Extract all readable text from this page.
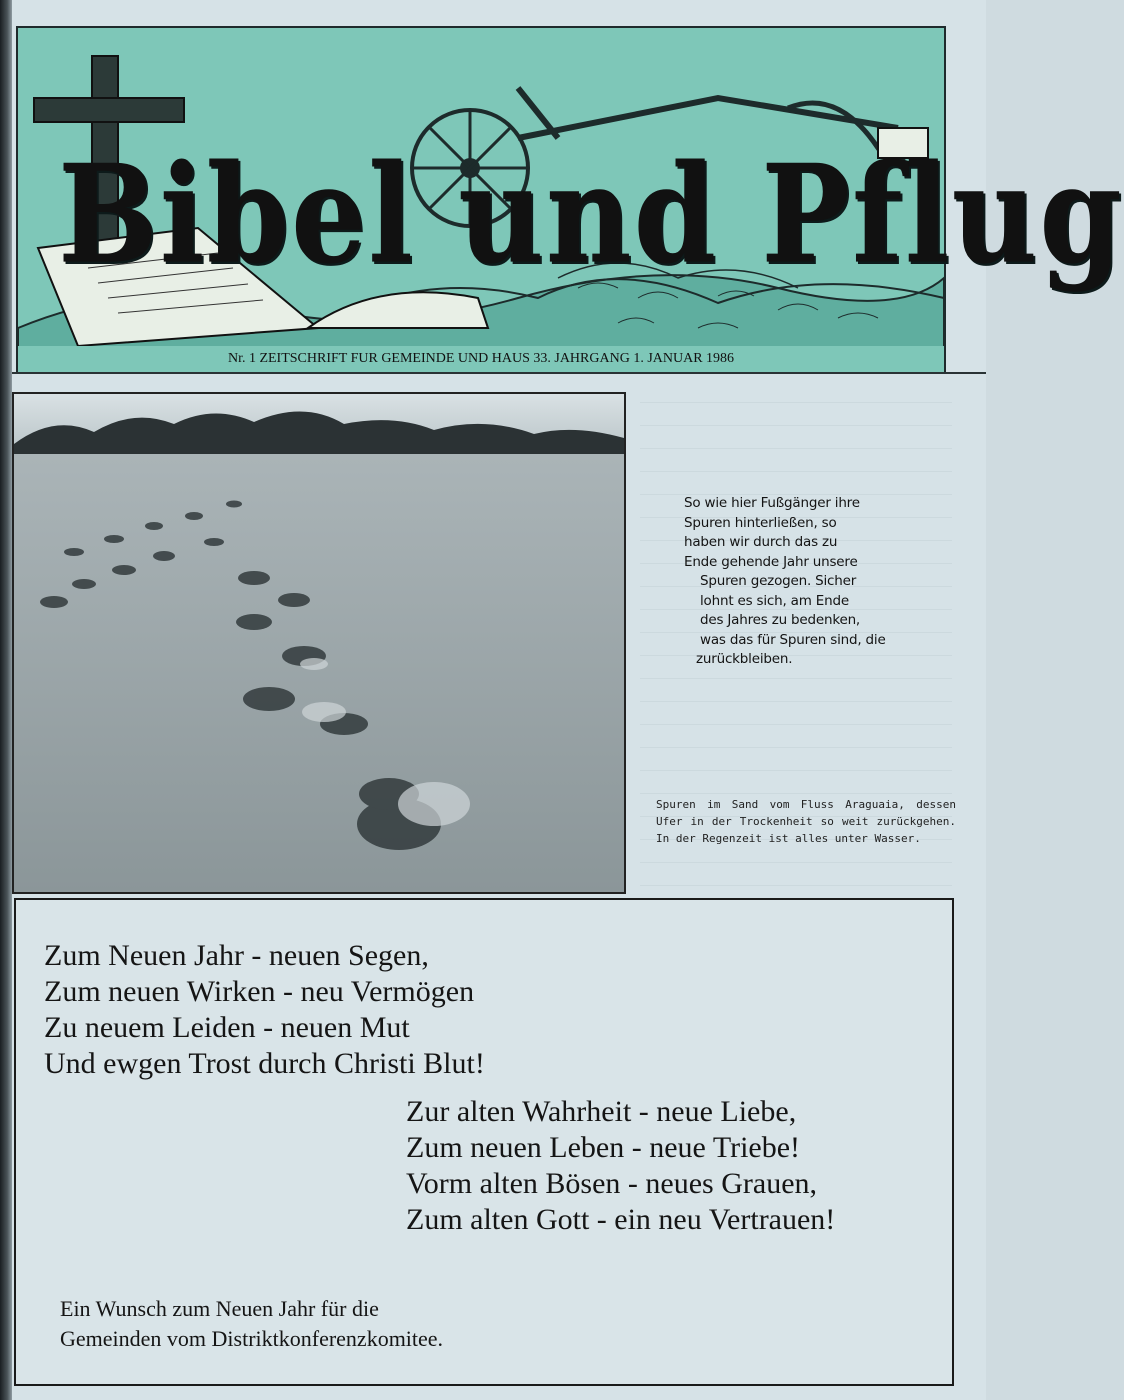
Bibel und Pflug
Nr. 1 ZEITSCHRIFT FUR GEMEINDE UND HAUS 33. JAHRGANG 1. JANUAR 1986
So wie hier Fußgänger ihre
Spuren hinterließen, so
haben wir durch das zu
Ende gehende Jahr unsere
Spuren gezogen. Sicher
lohnt es sich, am Ende
des Jahres zu bedenken,
was das für Spuren sind, die
zurückbleiben.
Spuren im Sand vom Fluss Araguaia, dessen Ufer in der Trockenheit so weit zurückgehen. In der Regenzeit ist alles unter Wasser.
Zum Neuen Jahr - neuen Segen,
Zum neuen Wirken - neu Vermögen
Zu neuem Leiden - neuen Mut
Und ewgen Trost durch Christi Blut!
Zur alten Wahrheit - neue Liebe,
Zum neuen Leben - neue Triebe!
Vorm alten Bösen - neues Grauen,
Zum alten Gott - ein neu Vertrauen!
Ein Wunsch zum Neuen Jahr für die
Gemeinden vom Distriktkonferenzkomitee.
